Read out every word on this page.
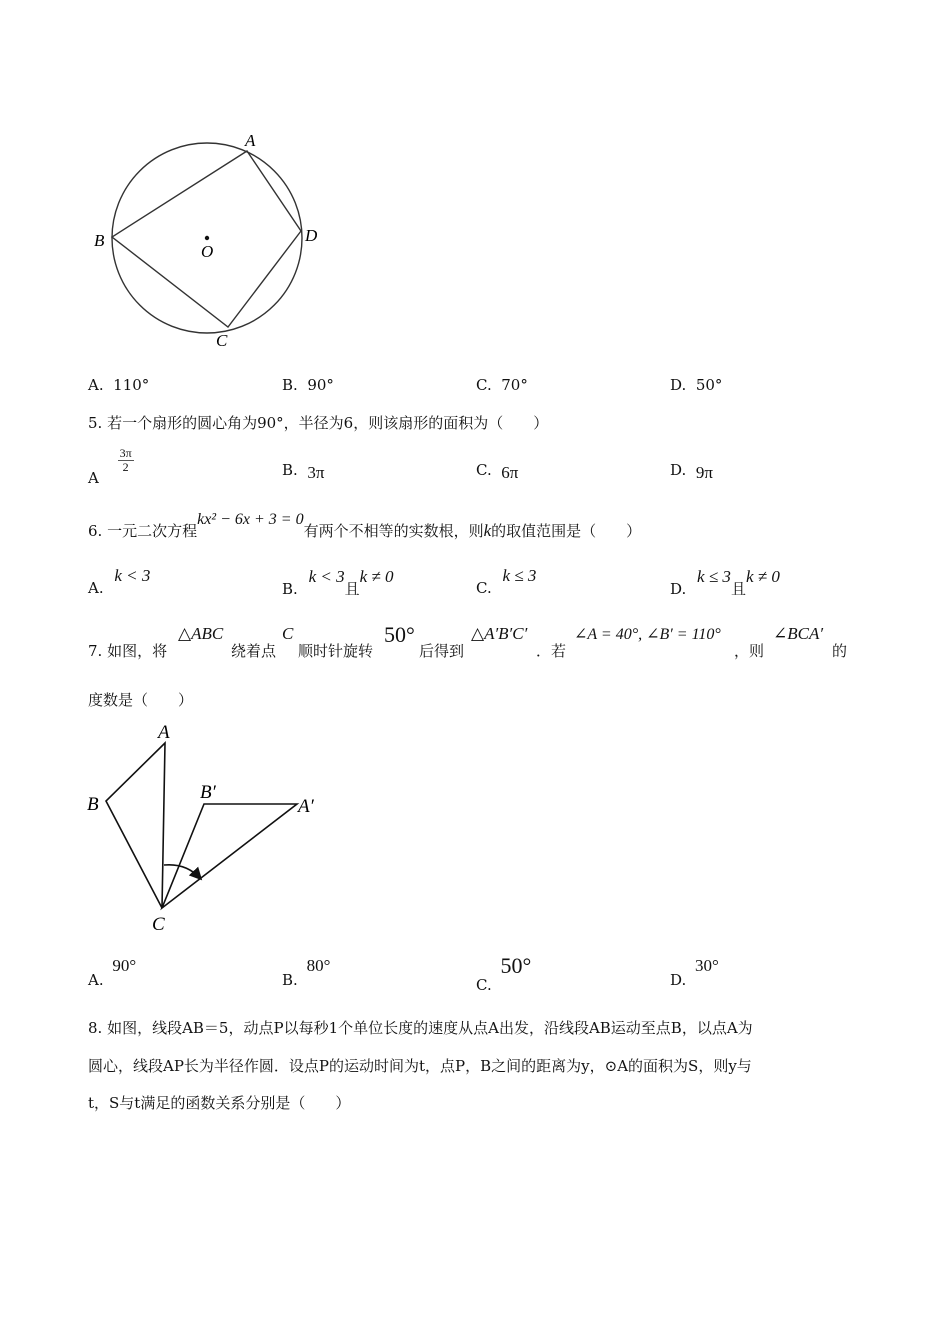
A
B
C
D
O
A. 110°	B. 90°	C. 70°	D. 50°
5. 若一个扇形的圆心角为90°，半径为6，则该扇形的面积为（　　）
A
$\frac{3\pi}{2}$	B. 3π	C. 6π	D. 9π
6. 一元二次方程kx² − 6x + 3 = 0有两个不相等的实数根，则k的取值范围是（　　）
A. k < 3
B. k < 3且k ≠ 0
C. k ≤ 3
D. k ≤ 3且k ≠ 0
7. 如图，将
△ABC
绕着点
C
顺时针旋转
50°
后得到
△A′B′C′
．若
∠A = 40°, ∠B′ = 110°
，则
∠BCA′
的
度数是（　　）
A
B
C
B′
A′
A. 90°
B. 80°
C. 50°
D. 30°
8. 如图，线段AB＝5，动点P以每秒1个单位长度的速度从点A出发，沿线段AB运动至点B，以点A为
圆心，线段AP长为半径作圆．设点P的运动时间为t，点P，B之间的距离为y，⊙A的面积为S，则y与
t，S与t满足的函数关系分别是（　　）
